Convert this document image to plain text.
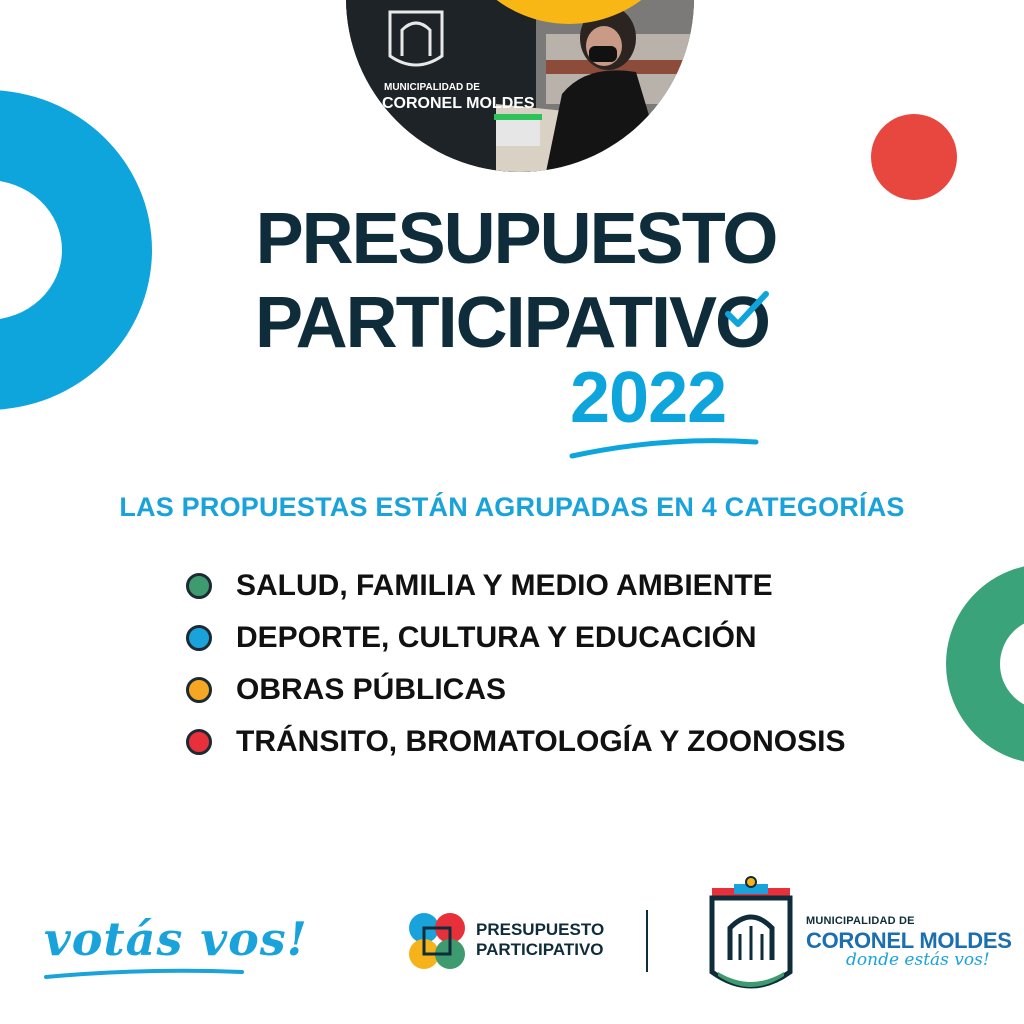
MUNICIPALIDAD DE
CORONEL MOLDES
PRESUPUESTO
PARTICIPATIVO
2022
LAS PROPUESTAS ESTÁN AGRUPADAS EN 4 CATEGORÍAS
SALUD, FAMILIA Y MEDIO AMBIENTE
DEPORTE, CULTURA Y EDUCACIÓN
OBRAS PÚBLICAS
TRÁNSITO, BROMATOLOGÍA Y ZOONOSIS
votás vos!	PRESUPUESTO
PARTICIPATIVO
MUNICIPALIDAD DE
CORONEL MOLDES
donde estás vos!
